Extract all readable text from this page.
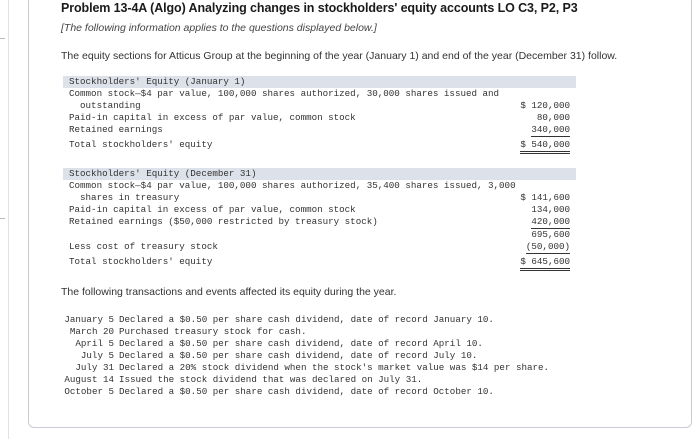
Problem 13-4A (Algo) Analyzing changes in stockholders' equity accounts LO C3, P2, P3
[The following information applies to the questions displayed below.]
The equity sections for Atticus Group at the beginning of the year (January 1) and end of the year (December 31) follow.
Stockholders' Equity (January 1)
Common stock—$4 par value, 100,000 shares authorized, 30,000 shares issued and
outstanding	$ 120,000
Paid-in capital in excess of par value, common stock	80,000
Retained earnings	340,000
Total stockholders' equity	$ 540,000
Stockholders' Equity (December 31)
Common stock—$4 par value, 100,000 shares authorized, 35,400 shares issued, 3,000
shares in treasury	$ 141,600
Paid-in capital in excess of par value, common stock	134,000
Retained earnings ($50,000 restricted by treasury stock)	420,000
695,600
Less cost of treasury stock	(50,000)
Total stockholders' equity	$ 645,600
The following transactions and events affected its equity during the year.
January 5 Declared a $0.50 per share cash dividend, date of record January 10.
March 20 Purchased treasury stock for cash.
April 5 Declared a $0.50 per share cash dividend, date of record April 10.
July 5 Declared a $0.50 per share cash dividend, date of record July 10.
July 31 Declared a 20% stock dividend when the stock's market value was $14 per share.
August 14 Issued the stock dividend that was declared on July 31.
October 5 Declared a $0.50 per share cash dividend, date of record October 10.
